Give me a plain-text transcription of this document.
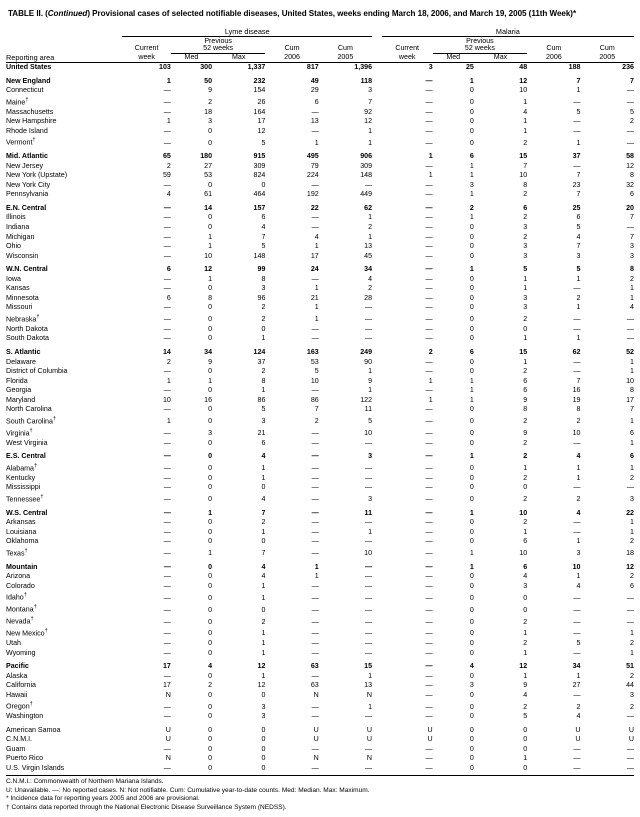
TABLE II. (Continued) Provisional cases of selected notifiable diseases, United States, weeks ending March 18, 2006, and March 19, 2005 (11th Week)*
	Lyme disease						Malaria				
		Previous						Previous			
	Current	52 weeks		Cum	Cum		Current	52 weeks		Cum	Cum
Reporting area	week	Med	Max	2006	2005		week	Med	Max	2006	2005
United States	103	300	1,337	817	1,396		3	25	48	188	236

New England	1	50	232	49	118		—	1	12	7	7
Connecticut	—	9	154	29	3		—	0	10	1	—
Maine†	—	2	26	6	7		—	0	1	—	—
Massachusetts	—	18	164	—	92		—	0	4	5	5
New Hampshire	1	3	17	13	12		—	0	1	—	2
Rhode Island	—	0	12	—	1		—	0	1	—	—
Vermont†	—	0	5	1	1		—	0	2	1	—

Mid. Atlantic	65	180	915	495	906		1	6	15	37	58
New Jersey	2	27	309	79	309		—	1	7	—	12
New York (Upstate)	59	53	824	224	148		1	1	10	7	8
New York City	—	0	0	—	—		—	3	8	23	32
Pennsylvania	4	61	464	192	449		—	1	2	7	6

E.N. Central	—	14	157	22	62		—	2	6	25	20
Illinois	—	0	6	—	1		—	1	2	6	7
Indiana	—	0	4	—	2		—	0	3	5	—
Michigan	—	1	7	4	1		—	0	2	4	7
Ohio	—	1	5	1	13		—	0	3	7	3
Wisconsin	—	10	148	17	45		—	0	3	3	3

W.N. Central	6	12	99	24	34		—	1	5	5	8
Iowa	—	1	8	—	4		—	0	1	1	2
Kansas	—	0	3	1	2		—	0	1	—	1
Minnesota	6	8	96	21	28		—	0	3	2	1
Missouri	—	0	2	1	—		—	0	3	1	4
Nebraska†	—	0	2	1	—		—	0	2	—	—
North Dakota	—	0	0	—	—		—	0	0	—	—
South Dakota	—	0	1	—	—		—	0	1	1	—

S. Atlantic	14	34	124	163	249		2	6	15	62	52
Delaware	2	9	37	53	90		—	0	1	—	1
District of Columbia	—	0	2	5	1		—	0	2	—	1
Florida	1	1	8	10	9		1	1	6	7	10
Georgia	—	0	1	—	1		—	1	6	16	8
Maryland	10	16	86	86	122		1	1	9	19	17
North Carolina	—	0	5	7	11		—	0	8	8	7
South Carolina†	1	0	3	2	5		—	0	2	2	1
Virginia†	—	3	21	—	10		—	0	9	10	6
West Virginia	—	0	6	—	—		—	0	2	—	1

E.S. Central	—	0	4	—	3		—	1	2	4	6
Alabama†	—	0	1	—	—		—	0	1	1	1
Kentucky	—	0	1	—	—		—	0	2	1	2
Mississippi	—	0	0	—	—		—	0	0	—	—
Tennessee†	—	0	4	—	3		—	0	2	2	3

W.S. Central	—	1	7	—	11		—	1	10	4	22
Arkansas	—	0	2	—	—		—	0	2	—	1
Louisiana	—	0	1	—	1		—	0	1	—	1
Oklahoma	—	0	0	—	—		—	0	6	1	2
Texas†	—	1	7	—	10		—	1	10	3	18

Mountain	—	0	4	1	—		—	1	6	10	12
Arizona	—	0	4	1	—		—	0	4	1	2
Colorado	—	0	1	—	—		—	0	3	4	6
Idaho†	—	0	1	—	—		—	0	0	—	—
Montana†	—	0	0	—	—		—	0	0	—	—
Nevada†	—	0	2	—	—		—	0	2	—	—
New Mexico†	—	0	1	—	—		—	0	1	—	1
Utah	—	0	1	—	—		—	0	2	5	2
Wyoming	—	0	1	—	—		—	0	1	—	1

Pacific	17	4	12	63	15		—	4	12	34	51
Alaska	—	0	1	—	1		—	0	1	1	2
California	17	2	12	63	13		—	3	9	27	44
Hawaii	N	0	0	N	N		—	0	4	—	3
Oregon†	—	0	3	—	1		—	0	2	2	2
Washington	—	0	3	—	—		—	0	5	4	—

American Samoa	U	0	0	U	U		U	0	0	U	U
C.N.M.I.	U	0	0	U	U		U	0	0	U	U
Guam	—	0	0	—	—		—	0	0	—	—
Puerto Rico	N	0	0	N	N		—	0	1	—	—
U.S. Virgin Islands	—	0	0	—	—		—	0	0	—	—
C.N.M.I.: Commonwealth of Northern Mariana Islands.
U: Unavailable. —: No reported cases. N: Not notifiable. Cum: Cumulative year-to-date counts. Med: Median. Max: Maximum.
* Incidence data for reporting years 2005 and 2006 are provisional.
† Contains data reported through the National Electronic Disease Surveillance System (NEDSS).
